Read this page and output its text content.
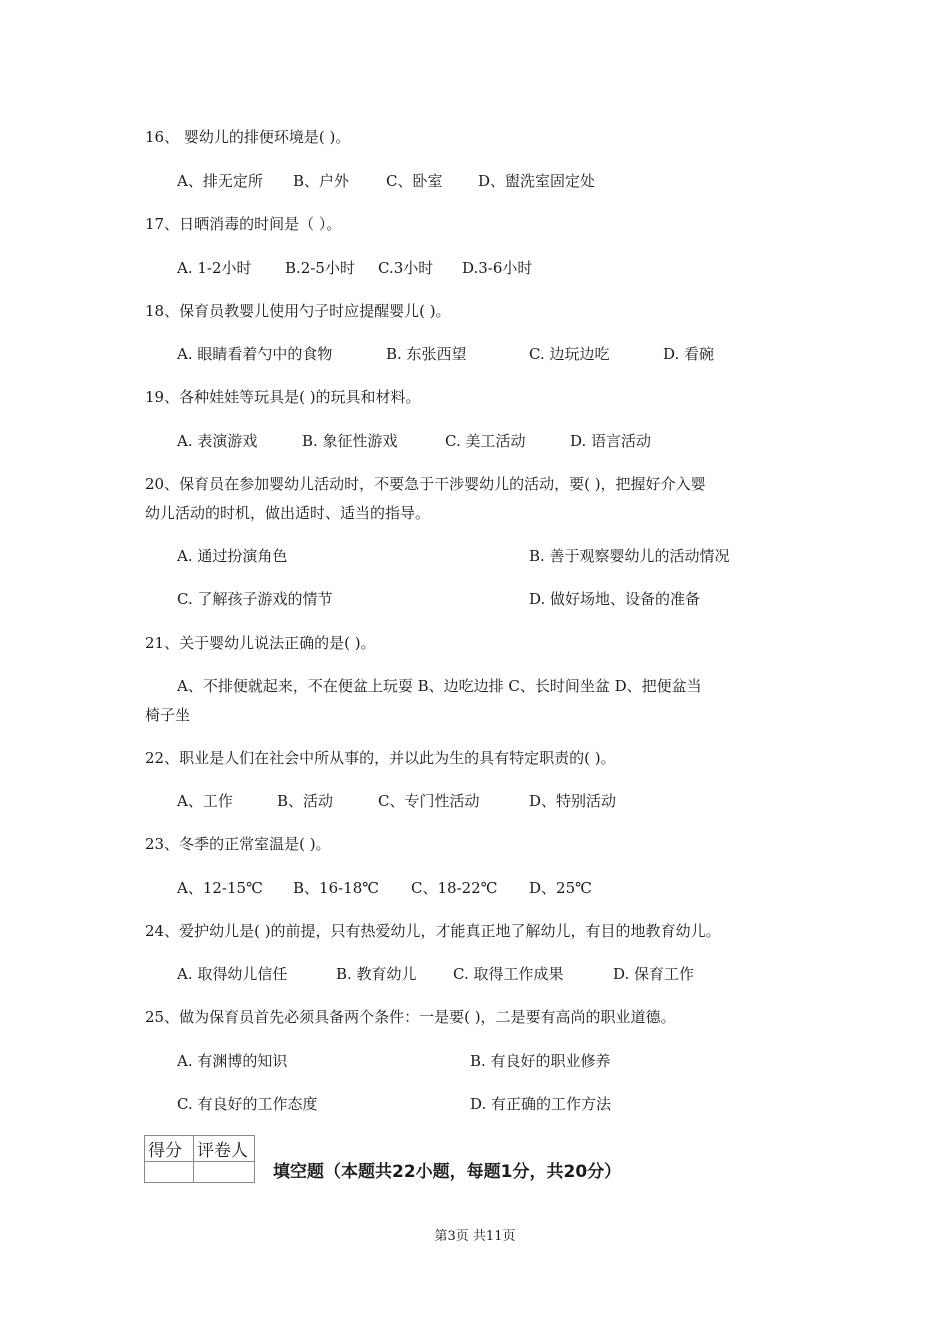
16、 婴幼儿的排便环境是( )。
A、排无定所 B、户外 C、卧室 D、盥洗室固定处
17、日晒消毒的时间是（ ）。
A. 1-2小时 B.2-5小时 C.3小时 D.3-6小时
18、保育员教婴儿使用勺子时应提醒婴儿( )。
A. 眼睛看着勺中的食物	B. 东张西望	C. 边玩边吃	D. 看碗
19、各种娃娃等玩具是( )的玩具和材料。
A. 表演游戏	B. 象征性游戏	C. 美工活动	D. 语言活动
20、保育员在参加婴幼儿活动时，不要急于干涉婴幼儿的活动，要( )，把握好介入婴
幼儿活动的时机，做出适时、适当的指导。
A. 通过扮演角色	B. 善于观察婴幼儿的活动情况
C. 了解孩子游戏的情节	D. 做好场地、设备的准备
21、关于婴幼儿说法正确的是( )。
A、不排便就起来，不在便盆上玩耍 B、边吃边排 C、长时间坐盆 D、把便盆当
椅子坐
22、职业是人们在社会中所从事的，并以此为生的具有特定职责的( )。
A、工作	B、活动	C、专门性活动	D、特别活动
23、冬季的正常室温是( )。
A、12-15℃ B、16-18℃ C、18-22℃ D、25℃
24、爱护幼儿是( )的前提，只有热爱幼儿，才能真正地了解幼儿，有目的地教育幼儿。
A. 取得幼儿信任	B. 教育幼儿 C. 取得工作成果	D. 保育工作
25、做为保育员首先必须具备两个条件：一是要( )，二是要有高尚的职业道德。
A. 有渊博的知识	B. 有良好的职业修养
C. 有良好的工作态度	D. 有正确的工作方法
得分	评卷人

填空题（本题共22小题，每题1分，共20分）
第3页 共11页
